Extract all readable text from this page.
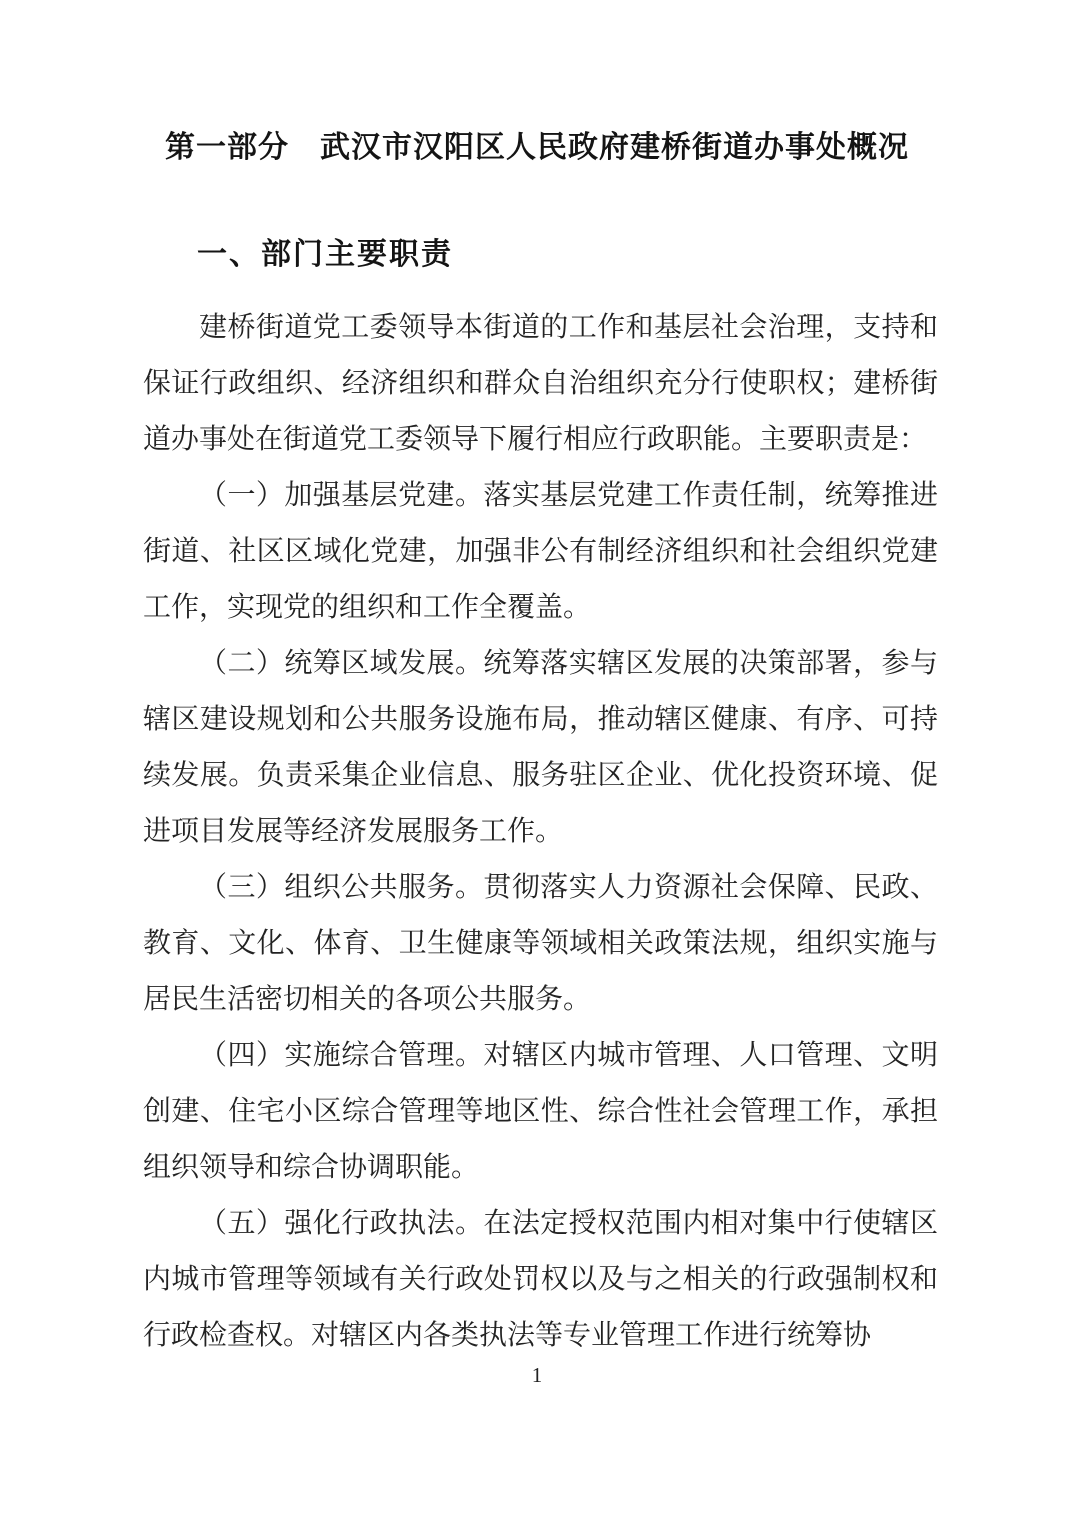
第一部分　武汉市汉阳区人民政府建桥街道办事处概况
一、部门主要职责

建桥街道党工委领导本街道的工作和基层社会治理，支持和保证行政组织、经济组织和群众自治组织充分行使职权；建桥街道办事处在街道党工委领导下履行相应行政职能。主要职责是：

（一）加强基层党建。落实基层党建工作责任制，统筹推进街道、社区区域化党建，加强非公有制经济组织和社会组织党建工作，实现党的组织和工作全覆盖。

（二）统筹区域发展。统筹落实辖区发展的决策部署，参与辖区建设规划和公共服务设施布局，推动辖区健康、有序、可持续发展。负责采集企业信息、服务驻区企业、优化投资环境、促进项目发展等经济发展服务工作。

（三）组织公共服务。贯彻落实人力资源社会保障、民政、教育、文化、体育、卫生健康等领域相关政策法规，组织实施与居民生活密切相关的各项公共服务。

（四）实施综合管理。对辖区内城市管理、人口管理、文明创建、住宅小区综合管理等地区性、综合性社会管理工作，承担组织领导和综合协调职能。

（五）强化行政执法。在法定授权范围内相对集中行使辖区内城市管理等领域有关行政处罚权以及与之相关的行政强制权和行政检查权。对辖区内各类执法等专业管理工作进行统筹协

1
